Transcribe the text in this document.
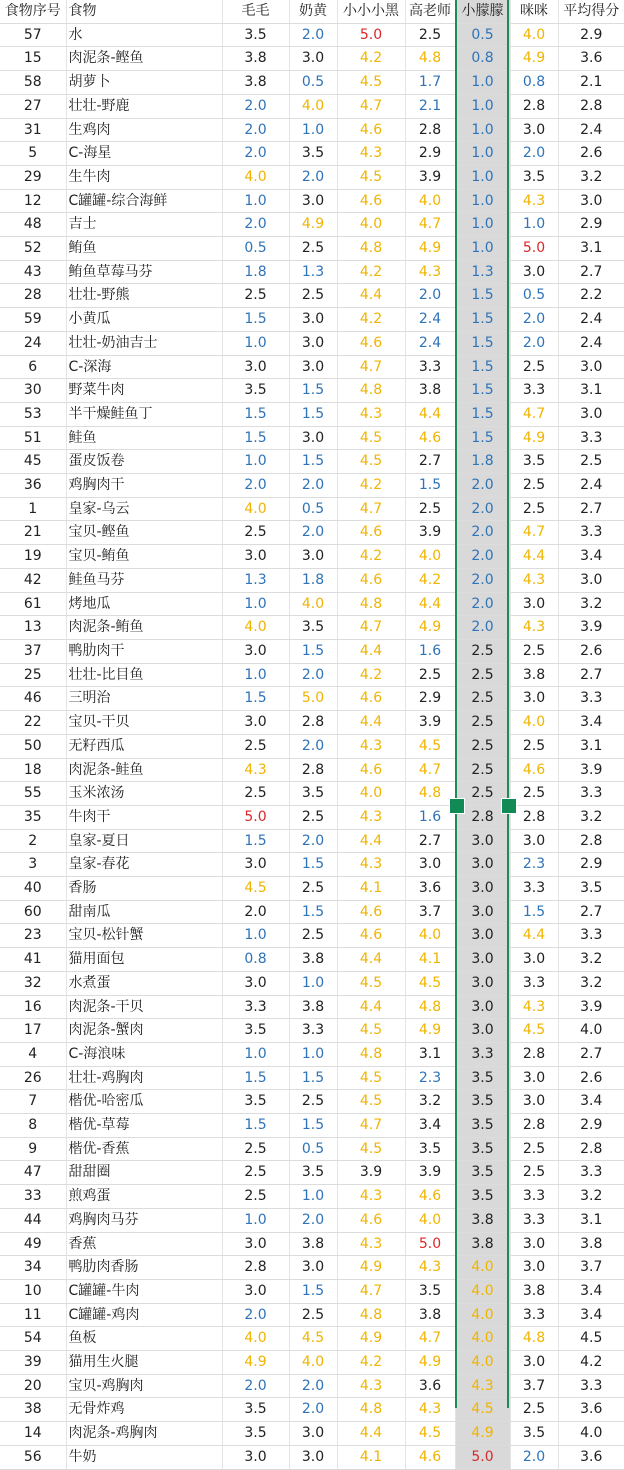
食物序号	食物	毛毛	奶黄	小小小黑	高老师	小朦朦	咪咪	平均得分
57	水	3.5	2.0	5.0	2.5	0.5	4.0	2.9
15	肉泥条-鲣鱼	3.8	3.0	4.2	4.8	0.8	4.9	3.6
58	胡萝卜	3.8	0.5	4.5	1.7	1.0	0.8	2.1
27	壮壮-野鹿	2.0	4.0	4.7	2.1	1.0	2.8	2.8
31	生鸡肉	2.0	1.0	4.6	2.8	1.0	3.0	2.4
5	C-海星	2.0	3.5	4.3	2.9	1.0	2.0	2.6
29	生牛肉	4.0	2.0	4.5	3.9	1.0	3.5	3.2
12	C罐罐-综合海鲜	1.0	3.0	4.6	4.0	1.0	4.3	3.0
48	吉士	2.0	4.9	4.0	4.7	1.0	1.0	2.9
52	鲔鱼	0.5	2.5	4.8	4.9	1.0	5.0	3.1
43	鲔鱼草莓马芬	1.8	1.3	4.2	4.3	1.3	3.0	2.7
28	壮壮-野熊	2.5	2.5	4.4	2.0	1.5	0.5	2.2
59	小黄瓜	1.5	3.0	4.2	2.4	1.5	2.0	2.4
24	壮壮-奶油吉士	1.0	3.0	4.6	2.4	1.5	2.0	2.4
6	C-深海	3.0	3.0	4.7	3.3	1.5	2.5	3.0
30	野菜牛肉	3.5	1.5	4.8	3.8	1.5	3.3	3.1
53	半干燥鲑鱼丁	1.5	1.5	4.3	4.4	1.5	4.7	3.0
51	鲑鱼	1.5	3.0	4.5	4.6	1.5	4.9	3.3
45	蛋皮饭卷	1.0	1.5	4.5	2.7	1.8	3.5	2.5
36	鸡胸肉干	2.0	2.0	4.2	1.5	2.0	2.5	2.4
1	皇家-乌云	4.0	0.5	4.7	2.5	2.0	2.5	2.7
21	宝贝-鲣鱼	2.5	2.0	4.6	3.9	2.0	4.7	3.3
19	宝贝-鲔鱼	3.0	3.0	4.2	4.0	2.0	4.4	3.4
42	鲑鱼马芬	1.3	1.8	4.6	4.2	2.0	4.3	3.0
61	烤地瓜	1.0	4.0	4.8	4.4	2.0	3.0	3.2
13	肉泥条-鲔鱼	4.0	3.5	4.7	4.9	2.0	4.3	3.9
37	鸭肋肉干	3.0	1.5	4.4	1.6	2.5	2.5	2.6
25	壮壮-比目鱼	1.0	2.0	4.2	2.5	2.5	3.8	2.7
46	三明治	1.5	5.0	4.6	2.9	2.5	3.0	3.3
22	宝贝-干贝	3.0	2.8	4.4	3.9	2.5	4.0	3.4
50	无籽西瓜	2.5	2.0	4.3	4.5	2.5	2.5	3.1
18	肉泥条-鲑鱼	4.3	2.8	4.6	4.7	2.5	4.6	3.9
55	玉米浓汤	2.5	3.5	4.0	4.8	2.5	2.5	3.3
35	牛肉干	5.0	2.5	4.3	1.6	2.8	2.8	3.2
2	皇家-夏日	1.5	2.0	4.4	2.7	3.0	3.0	2.8
3	皇家-春花	3.0	1.5	4.3	3.0	3.0	2.3	2.9
40	香肠	4.5	2.5	4.1	3.6	3.0	3.3	3.5
60	甜南瓜	2.0	1.5	4.6	3.7	3.0	1.5	2.7
23	宝贝-松针蟹	1.0	2.5	4.6	4.0	3.0	4.4	3.3
41	猫用面包	0.8	3.8	4.4	4.1	3.0	3.0	3.2
32	水煮蛋	3.0	1.0	4.5	4.5	3.0	3.3	3.2
16	肉泥条-干贝	3.3	3.8	4.4	4.8	3.0	4.3	3.9
17	肉泥条-蟹肉	3.5	3.3	4.5	4.9	3.0	4.5	4.0
4	C-海浪味	1.0	1.0	4.8	3.1	3.3	2.8	2.7
26	壮壮-鸡胸肉	1.5	1.5	4.5	2.3	3.5	3.0	2.6
7	楷优-哈密瓜	3.5	2.5	4.5	3.2	3.5	3.0	3.4
8	楷优-草莓	1.5	1.5	4.7	3.4	3.5	2.8	2.9
9	楷优-香蕉	2.5	0.5	4.5	3.5	3.5	2.5	2.8
47	甜甜圈	2.5	3.5	3.9	3.9	3.5	2.5	3.3
33	煎鸡蛋	2.5	1.0	4.3	4.6	3.5	3.3	3.2
44	鸡胸肉马芬	1.0	2.0	4.6	4.0	3.8	3.3	3.1
49	香蕉	3.0	3.8	4.3	5.0	3.8	3.0	3.8
34	鸭肋肉香肠	2.8	3.0	4.9	4.3	4.0	3.0	3.7
10	C罐罐-牛肉	3.0	1.5	4.7	3.5	4.0	3.8	3.4
11	C罐罐-鸡肉	2.0	2.5	4.8	3.8	4.0	3.3	3.4
54	鱼板	4.0	4.5	4.9	4.7	4.0	4.8	4.5
39	猫用生火腿	4.9	4.0	4.2	4.9	4.0	3.0	4.2
20	宝贝-鸡胸肉	2.0	2.0	4.3	3.6	4.3	3.7	3.3
38	无骨炸鸡	3.5	2.0	4.8	4.3	4.5	2.5	3.6
14	肉泥条-鸡胸肉	3.5	3.0	4.4	4.5	4.9	3.5	4.0
56	牛奶	3.0	3.0	4.1	4.6	5.0	2.0	3.6
